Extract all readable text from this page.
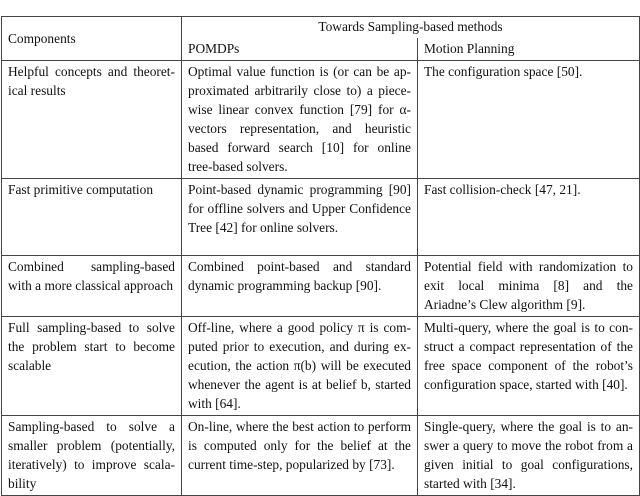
Components	Towards Sampling-based methods	
	POMDPs	Motion Planning
Helpful concepts and theoretical results	Optimal value function is (or can be approximated arbitrarily close to) a piecewise linear convex function [79] for α-vectors representation, and heuristic based forward search [10] for online tree-based solvers.	The configuration space [50].
Fast primitive computation	Point-based dynamic programming [90] for offline solvers and Upper Confidence Tree [42] for online solvers.	Fast collision-check [47, 21].
Combined sampling-based with a more classical approach	Combined point-based and standard dynamic programming backup [90].	Potential field with randomization to exit local minima [8] and the Ariadne’s Clew algorithm [9].
Full sampling-based to solve the problem start to become scalable	Off-line, where a good policy π is computed prior to execution, and during execution, the action π(b) will be executed whenever the agent is at belief b, started with [64].	Multi-query, where the goal is to construct a compact representation of the free space component of the robot’s configuration space, started with [40].
Sampling-based to solve a smaller problem (potentially, iteratively) to improve scalability	On-line, where the best action to perform is computed only for the belief at the current time-step, popularized by [73].	Single-query, where the goal is to answer a query to move the robot from a given initial to goal configurations, started with [34].
